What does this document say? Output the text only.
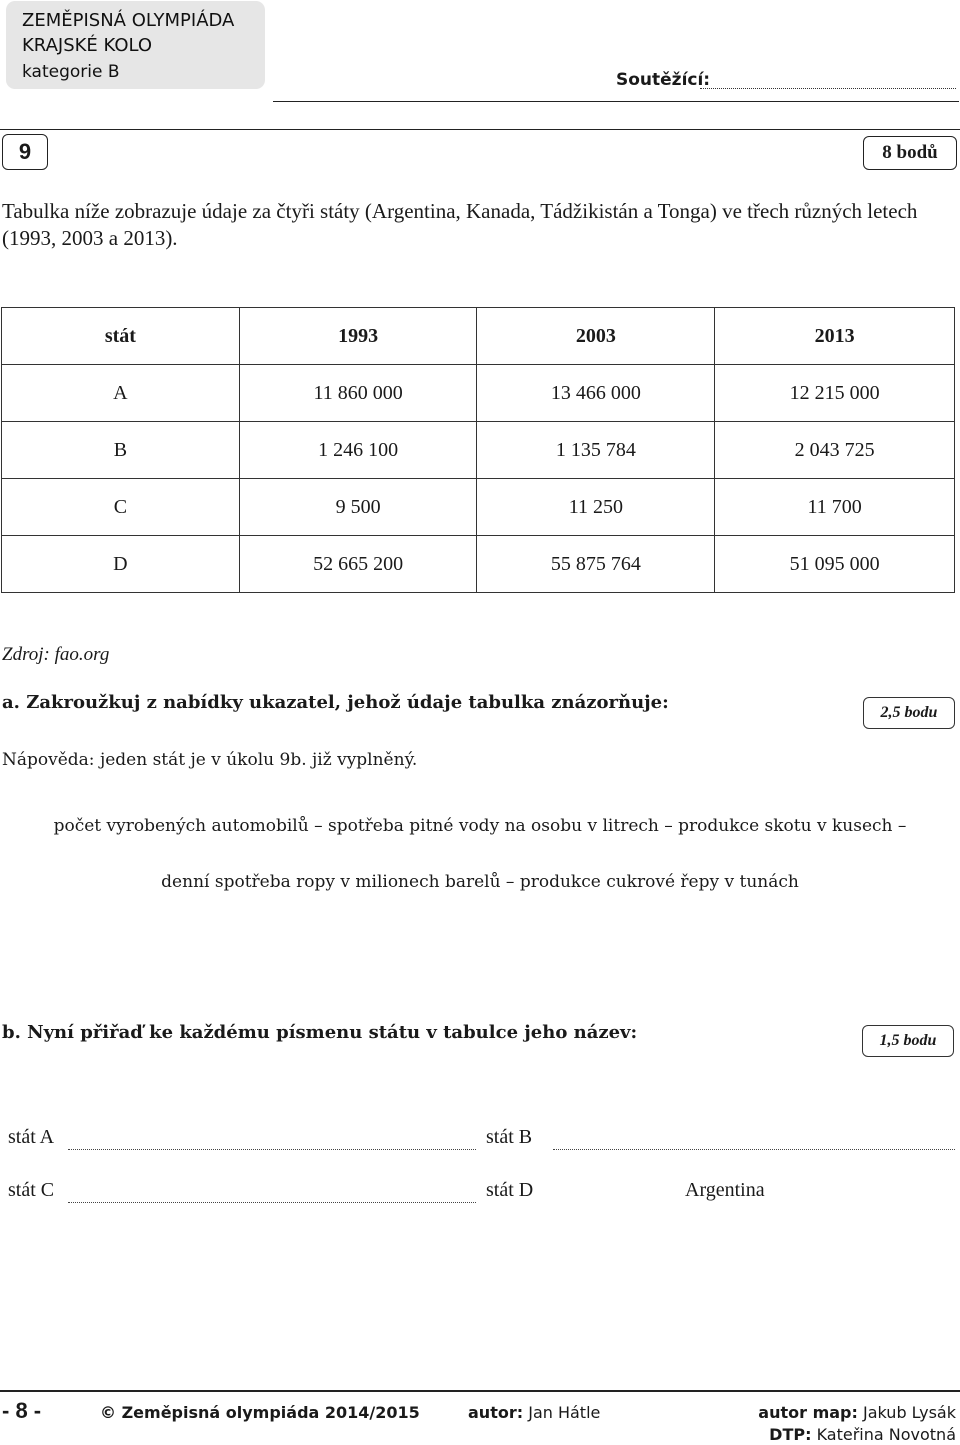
ZEMĚPISNÁ OLYMPIÁDA
KRAJSKÉ KOLO
kategorie B	Soutěžící:
9	8 bodů
Tabulka níže zobrazuje údaje za čtyři státy (Argentina, Kanada, Tádžikistán a Tonga) ve třech různých letech (1993, 2003 a 2013).
stát	1993	2003	2013
A	11 860 000	13 466 000	12 215 000
B	1 246 100	1 135 784	2 043 725
C	9 500	11 250	11 700
D	52 665 200	55 875 764	51 095 000
Zdroj: fao.org
a. Zakroužkuj z nabídky ukazatel, jehož údaje tabulka znázorňuje:	2,5 bodu
Nápověda: jeden stát je v úkolu 9b. již vyplněný.
počet vyrobených automobilů – spotřeba pitné vody na osobu v litrech – produkce skotu v kusech –
denní spotřeba ropy v milionech barelů – produkce cukrové řepy v tunách
b. Nyní přiřaď ke každému písmenu státu v tabulce jeho název:	1,5 bodu
stát A	stát B
stát C	stát D	Argentina
- 8 -	© Zeměpisná olympiáda 2014/2015	autor: Jan Hátle	autor map: Jakub Lysák
DTP: Kateřina Novotná
